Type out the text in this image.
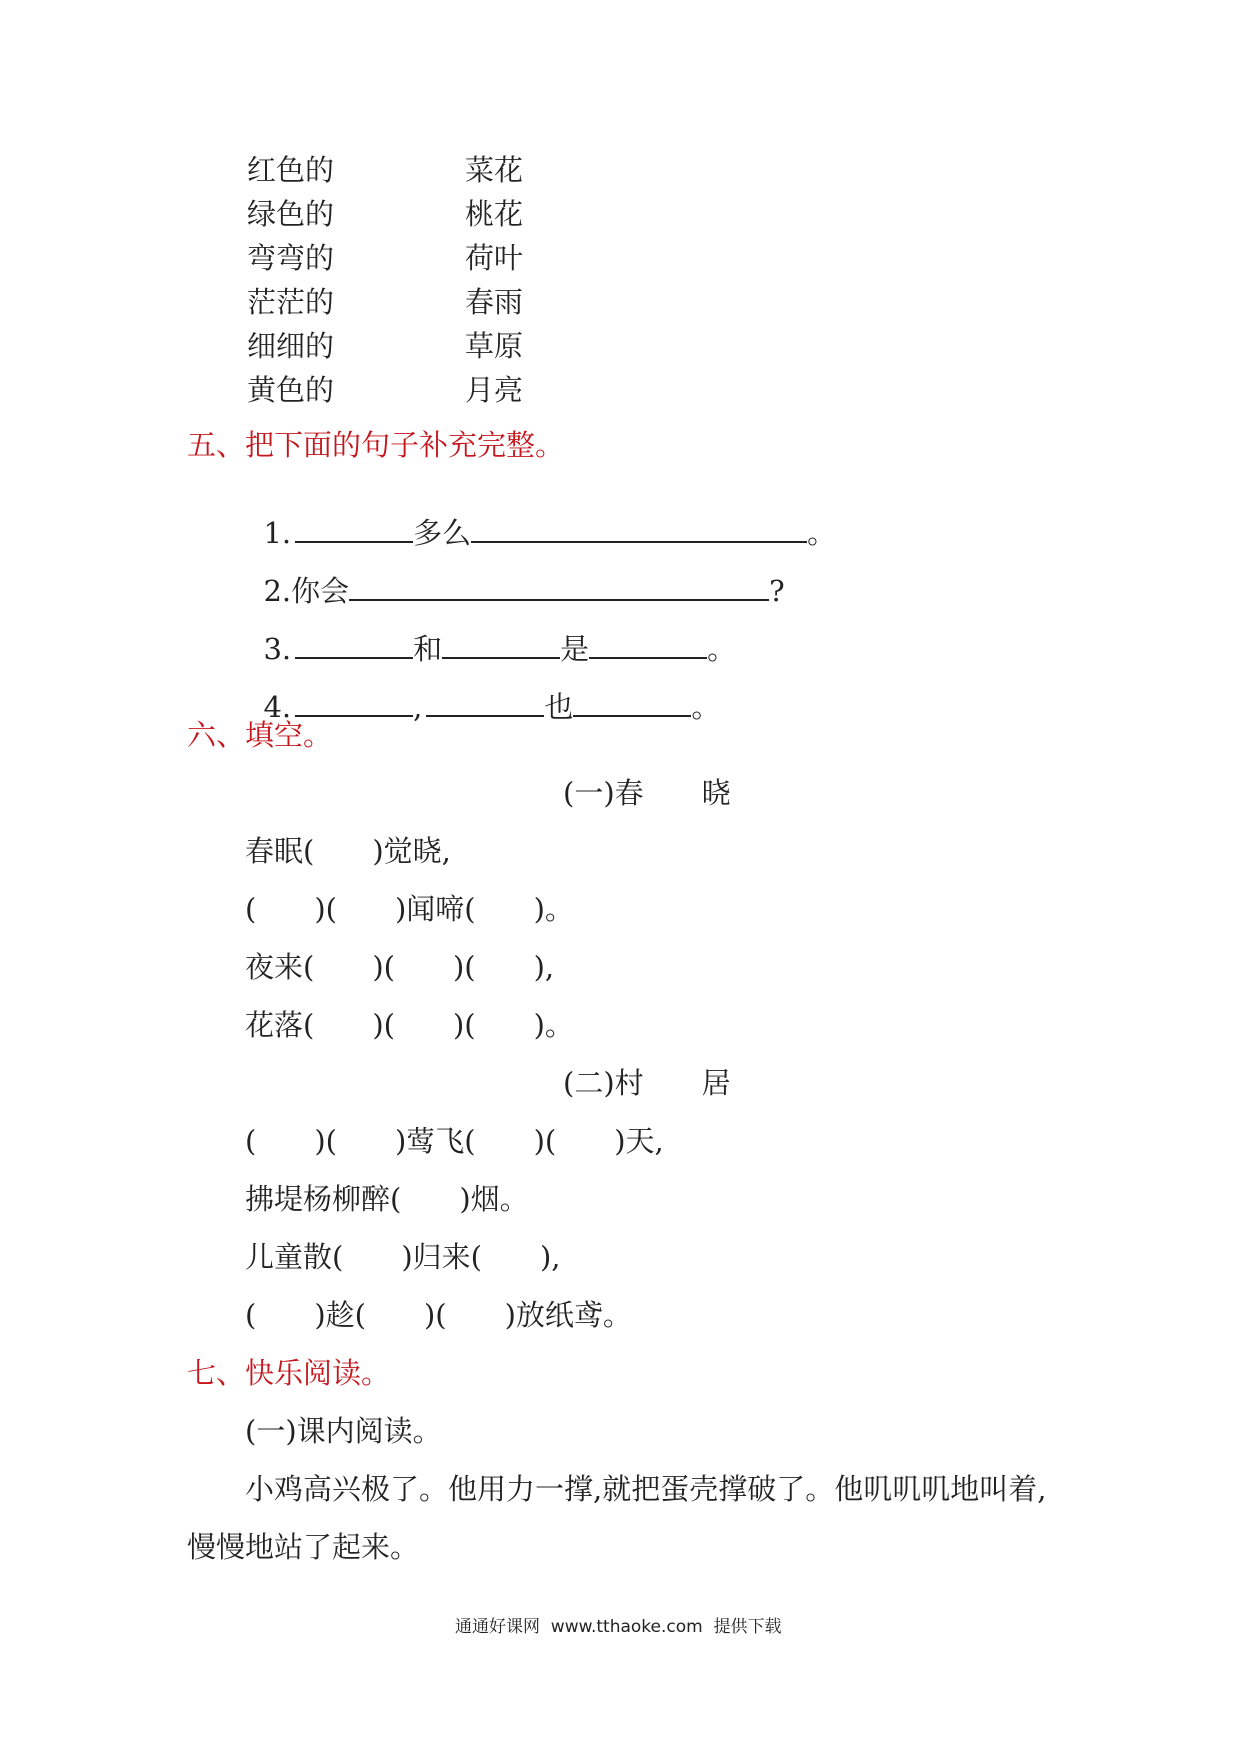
红色的	菜花
绿色的	桃花
弯弯的	荷叶
茫茫的	春雨
细细的	草原
黄色的	月亮
五、把下面的句子补充完整。

1.	多么	。

2.你会	?

3.	和	是	。

4.	,	也	。

六、填空。
(一)春　　晓
春眠(　　)觉晓,
(　　)(　　)闻啼(　　)。
夜来(　　)(　　)(　　),
花落(　　)(　　)(　　)。
(二)村　　居
(　　)(　　)莺飞(　　)(　　)天,
拂堤杨柳醉(　　)烟。
儿童散(　　)归来(　　),
(　　)趁(　　)(　　)放纸鸢。
七、快乐阅读。
(一)课内阅读。
小鸡高兴极了。他用力一撑,就把蛋壳撑破了。他叽叽叽地叫着,
慢慢地站了起来。
通通好课网  www.tthaoke.com  提供下载
